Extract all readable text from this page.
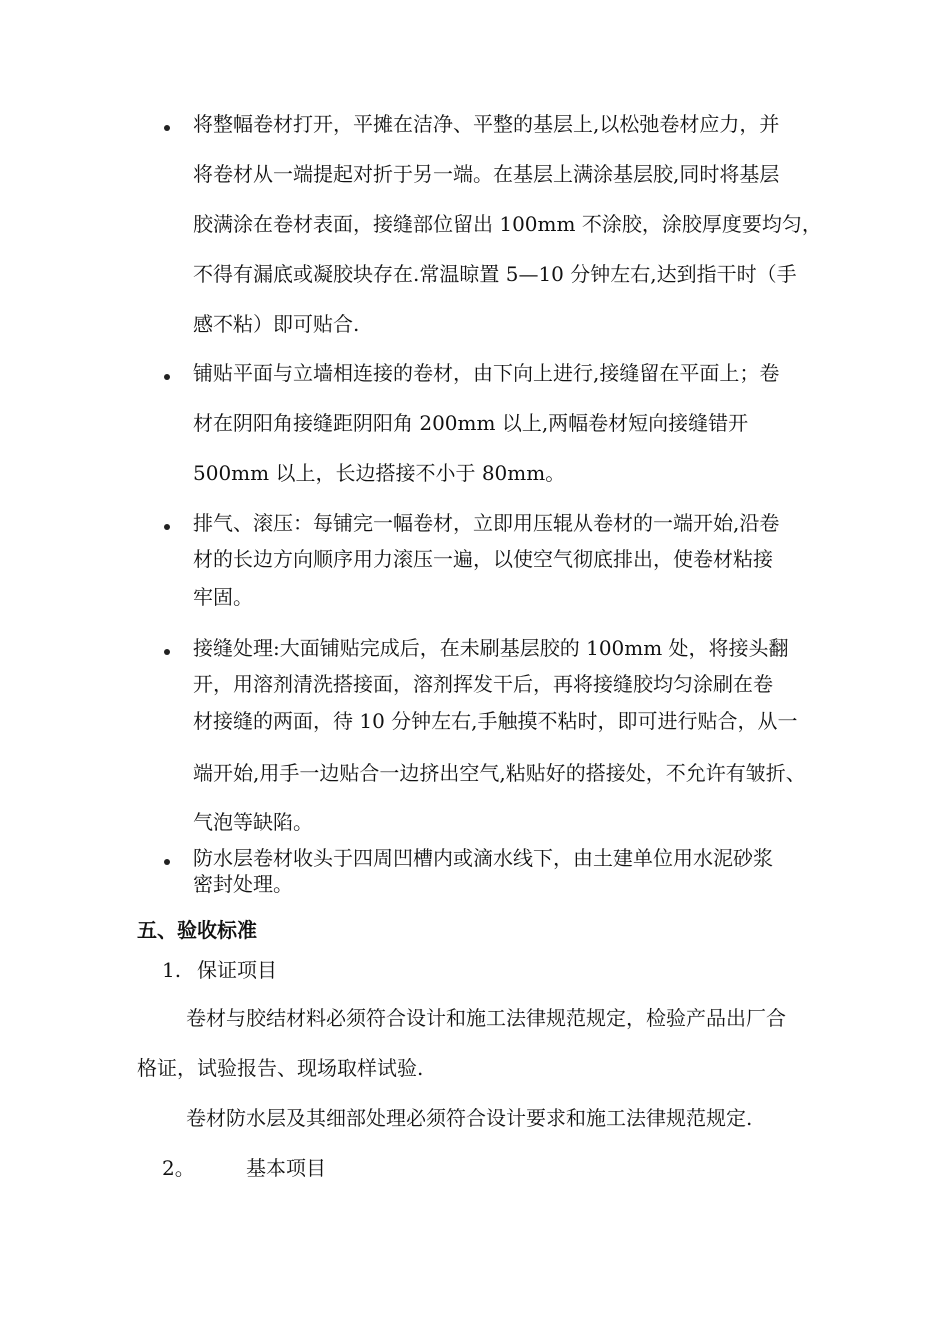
将整幅卷材打开，平摊在洁净、平整的基层上,以松弛卷材应力，并
将卷材从一端提起对折于另一端。在基层上满涂基层胶,同时将基层
胶满涂在卷材表面，接缝部位留出 100mm 不涂胶，涂胶厚度要均匀，
不得有漏底或凝胶块存在.常温晾置 5—10 分钟左右,达到指干时（手
感不粘）即可贴合.
铺贴平面与立墙相连接的卷材，由下向上进行,接缝留在平面上；卷
材在阴阳角接缝距阴阳角 200mm 以上,两幅卷材短向接缝错开
500mm 以上，长边搭接不小于 80mm。
排气、滚压：每铺完一幅卷材，立即用压辊从卷材的一端开始,沿卷
材的长边方向顺序用力滚压一遍，以使空气彻底排出，使卷材粘接
牢固。
接缝处理:大面铺贴完成后，在未刷基层胶的 100mm 处，将接头翻
开，用溶剂清洗搭接面，溶剂挥发干后，再将接缝胶均匀涂刷在卷
材接缝的两面，待 10 分钟左右,手触摸不粘时，即可进行贴合，从一
端开始,用手一边贴合一边挤出空气,粘贴好的搭接处，不允许有皱折、
气泡等缺陷。
防水层卷材收头于四周凹槽内或滴水线下，由土建单位用水泥砂浆
密封处理。
五、验收标准
1. 保证项目
卷材与胶结材料必须符合设计和施工法律规范规定，检验产品出厂合
格证，试验报告、现场取样试验.
卷材防水层及其细部处理必须符合设计要求和施工法律规范规定.
2。	基本项目
